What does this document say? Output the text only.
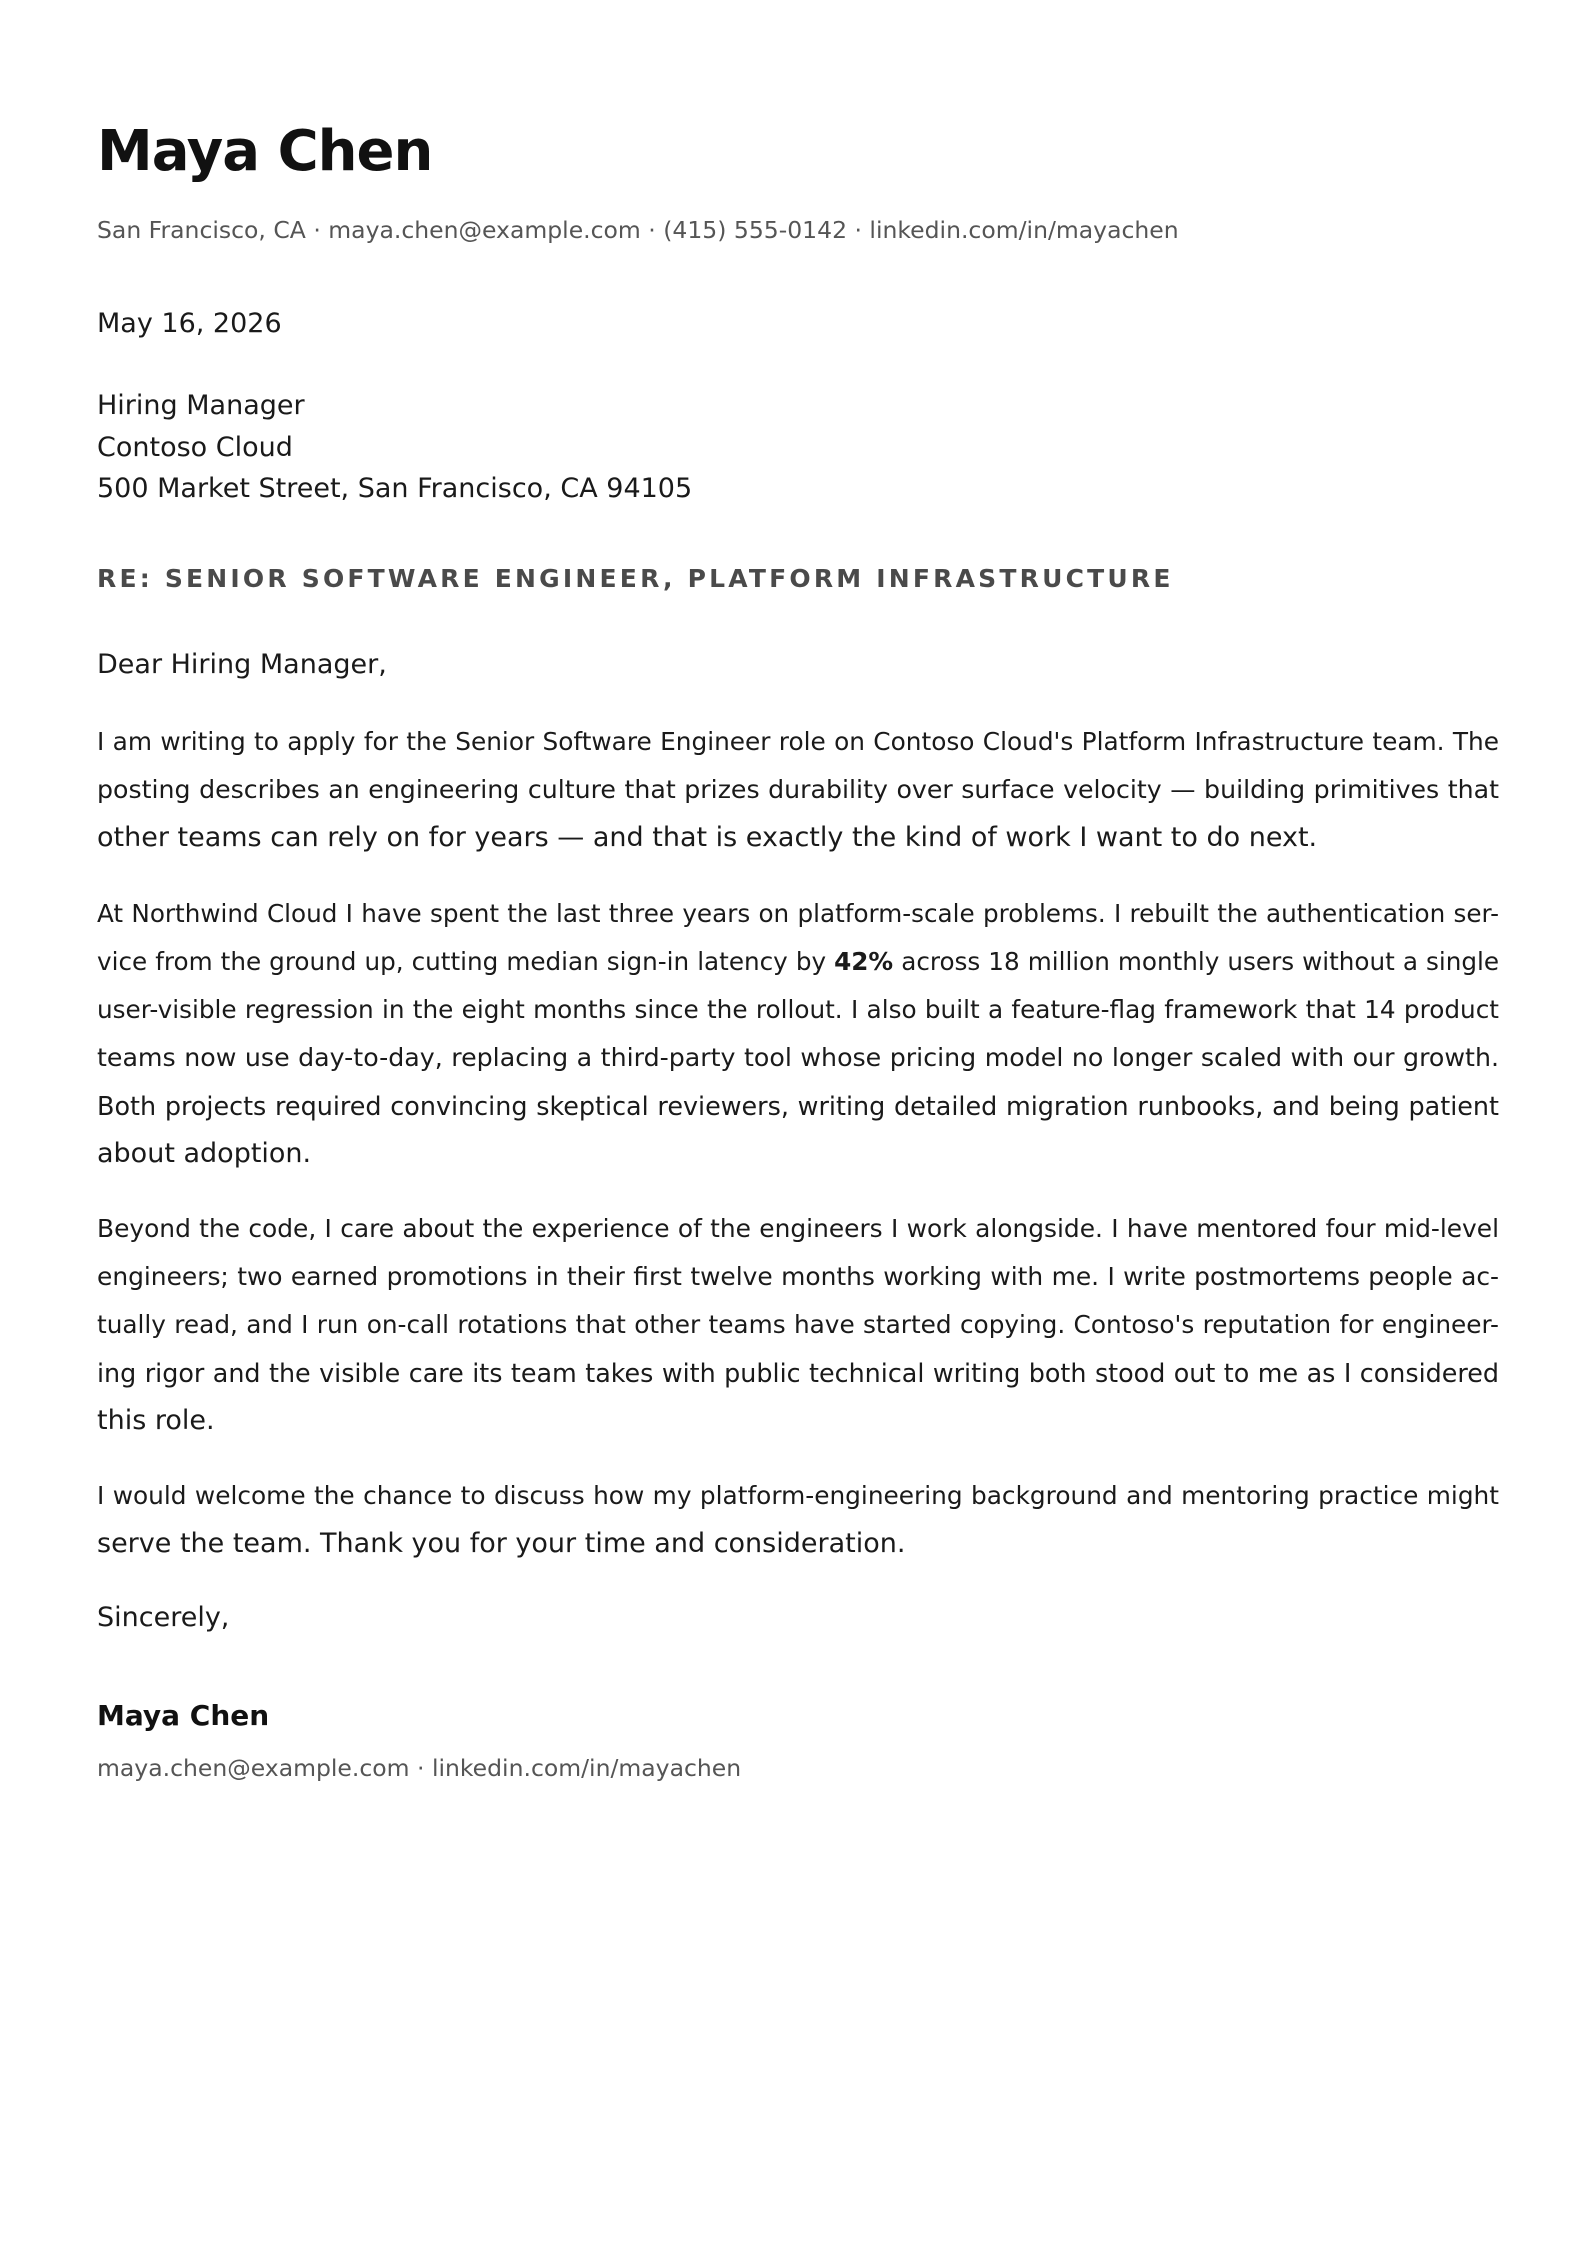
Maya Chen
San Francisco, CA · maya.chen@example.com · (415) 555-0142 · linkedin.com/in/mayachen
May 16, 2026
Hiring Manager
Contoso Cloud
500 Market Street, San Francisco, CA 94105
RE: SENIOR SOFTWARE ENGINEER, PLATFORM INFRASTRUCTURE
Dear Hiring Manager,

I am writing to apply for the Senior Software Engineer role on Contoso Cloud's Platform Infrastructure team. The
posting describes an engineering culture that prizes durability over surface velocity — building primitives that
other teams can rely on for years — and that is exactly the kind of work I want to do next.

At Northwind Cloud I have spent the last three years on platform-scale problems. I rebuilt the authentication ser-
vice from the ground up, cutting median sign-in latency by 42% across 18 million monthly users without a single
user-visible regression in the eight months since the rollout. I also built a feature-flag framework that 14 product
teams now use day-to-day, replacing a third-party tool whose pricing model no longer scaled with our growth.
Both projects required convincing skeptical reviewers, writing detailed migration runbooks, and being patient
about adoption.

Beyond the code, I care about the experience of the engineers I work alongside. I have mentored four mid-level
engineers; two earned promotions in their first twelve months working with me. I write postmortems people ac-
tually read, and I run on-call rotations that other teams have started copying. Contoso's reputation for engineer-
ing rigor and the visible care its team takes with public technical writing both stood out to me as I considered
this role.

I would welcome the chance to discuss how my platform-engineering background and mentoring practice might
serve the team. Thank you for your time and consideration.

Sincerely,
Maya Chen
maya.chen@example.com · linkedin.com/in/mayachen
